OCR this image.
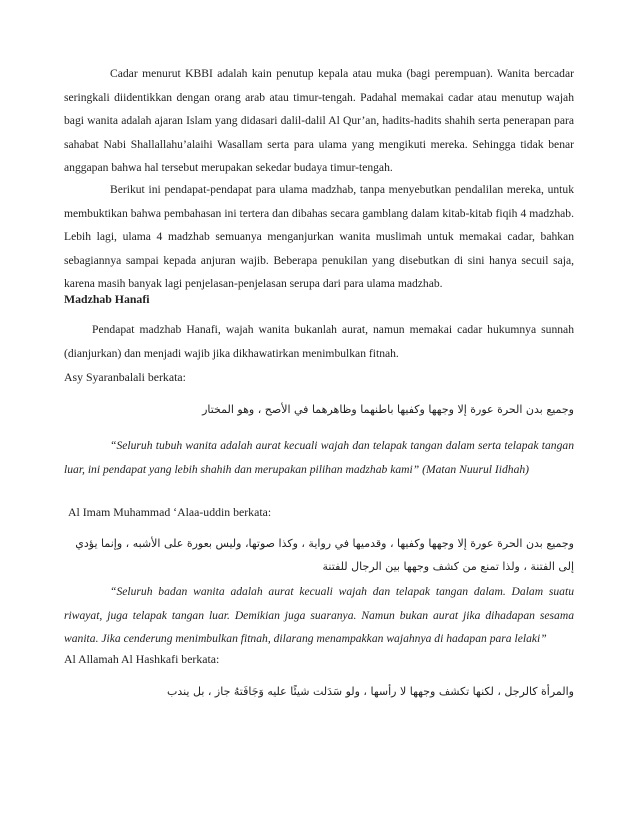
Cadar menurut KBBI adalah kain penutup kepala atau muka (bagi perempuan). Wanita bercadar seringkali diidentikkan dengan orang arab atau timur-tengah. Padahal memakai cadar atau menutup wajah bagi wanita adalah ajaran Islam yang didasari dalil-dalil Al Qur’an, hadits-hadits shahih serta penerapan para sahabat Nabi Shallallahu’alaihi Wasallam serta para ulama yang mengikuti mereka. Sehingga tidak benar anggapan bahwa hal tersebut merupakan sekedar budaya timur-tengah.

Berikut ini pendapat-pendapat para ulama madzhab, tanpa menyebutkan pendalilan mereka, untuk membuktikan bahwa pembahasan ini tertera dan dibahas secara gamblang dalam kitab-kitab fiqih 4 madzhab. Lebih lagi, ulama 4 madzhab semuanya menganjurkan wanita muslimah untuk memakai cadar, bahkan sebagiannya sampai kepada anjuran wajib. Beberapa penukilan yang disebutkan di sini hanya secuil saja, karena masih banyak lagi penjelasan-penjelasan serupa dari para ulama madzhab.

Madzhab Hanafi

Pendapat madzhab Hanafi, wajah wanita bukanlah aurat, namun memakai cadar hukumnya sunnah (dianjurkan) dan menjadi wajib jika dikhawatirkan menimbulkan fitnah.

Asy Syaranbalali berkata:

وجميع بدن الحرة عورة إلا وجهها وكفيها باطنهما وظاهرهما في الأصح ، وهو المختار

“Seluruh tubuh wanita adalah aurat kecuali wajah dan telapak tangan dalam serta telapak tangan luar, ini pendapat yang lebih shahih dan merupakan pilihan madzhab kami” (Matan Nuurul Iidhah)

Al Imam Muhammad ‘Alaa-uddin berkata:

وجميع بدن الحرة عورة إلا وجهها وكفيها ، وقدميها في رواية ، وكذا صوتها، وليس بعورة على الأشبه ، وإنما يؤدي إلى الفتنة ، ولذا تمنع من كشف وجهها بين الرجال للفتنة

“Seluruh badan wanita adalah aurat kecuali wajah dan telapak tangan dalam. Dalam suatu riwayat, juga telapak tangan luar. Demikian juga suaranya. Namun bukan aurat jika dihadapan sesama wanita. Jika cenderung menimbulkan fitnah, dilarang menampakkan wajahnya di hadapan para lelaki”

Al Allamah Al Hashkafi berkata:

والمرأة كالرجل ، لكنها تكشف وجهها لا رأسها ، ولو سَدَلت شيئًا عليه وَجَافَتهُ جاز ، بل يندب
